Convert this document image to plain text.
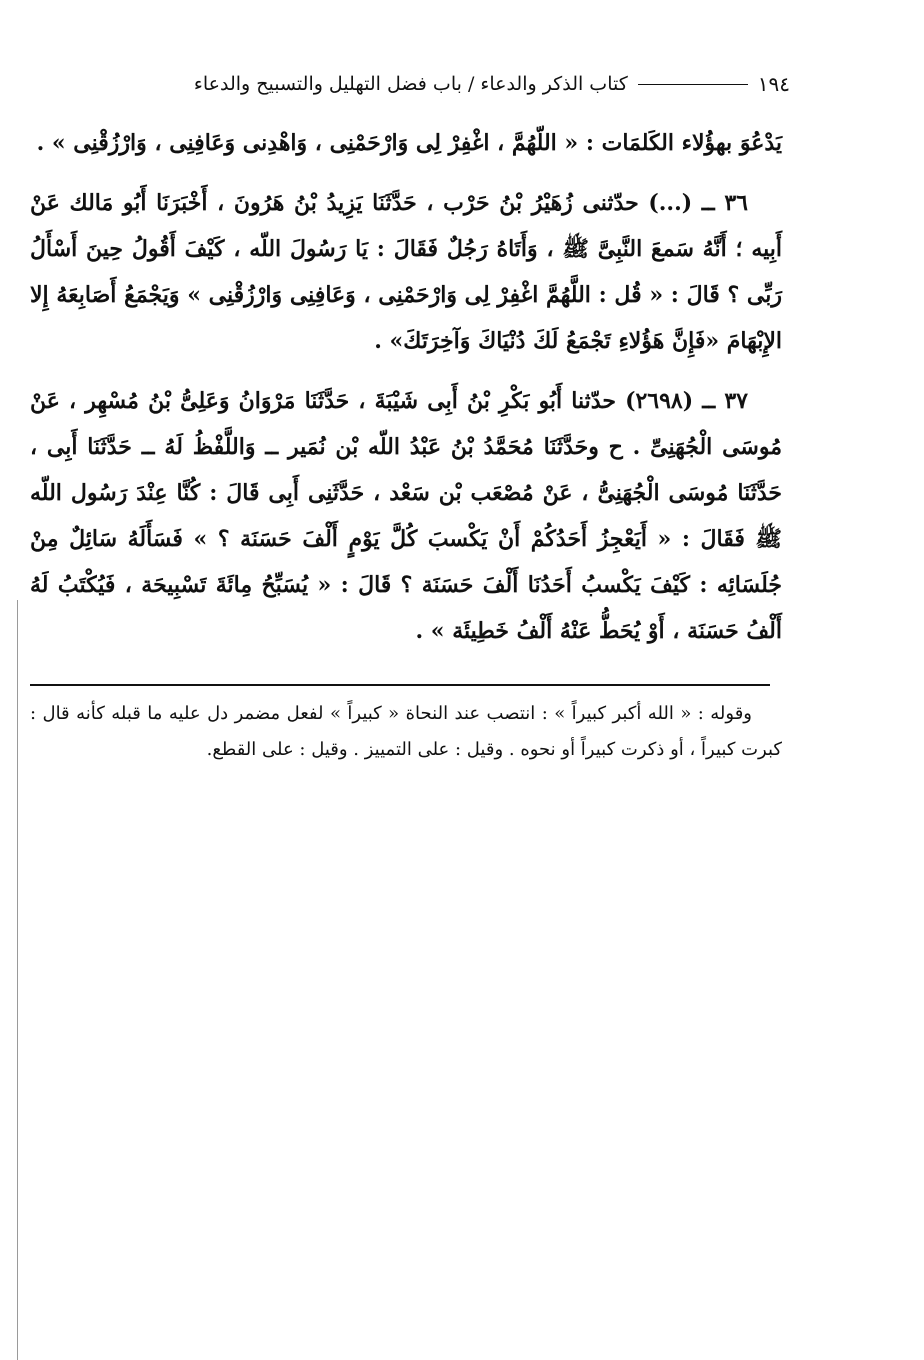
١٩٤
كتاب الذكر والدعاء / باب فضل التهليل والتسبيح والدعاء

يَدْعُوَ بهؤُلاء الكَلمَات : « اللّهُمَّ ، اغْفِرْ لِى وَارْحَمْنِى ، وَاهْدِنى وَعَافِنِى ، وَارْزُقْنِى » .

٣٦ ــ (...) حدّثنى زُهَيْرُ بْنُ حَرْب ، حَدَّثَنَا يَزِيدُ بْنُ هَرُونَ ، أَخْبَرَنَا أَبُو مَالك عَنْ أَبِيه ؛ أَنَّهُ سَمعَ النَّبِىَّ ﷺ ، وَأَتَاهُ رَجُلٌ فَقَالَ : يَا رَسُولَ اللّه ، كَيْفَ أَقُولُ حِينَ أَسْأَلُ رَبِّى ؟ قَالَ : « قُل : اللَّهُمَّ اغْفِرْ لِى وَارْحَمْنِى ، وَعَافِنِى وَارْزُقْنِى » وَيَجْمَعُ أَصَابِعَهُ إِلا الإِبْهَامَ «فَإِنَّ هَؤُلاءِ تَجْمَعُ لَكَ دُنْيَاكَ وَآخِرَتَكَ» .

٣٧ ــ (٢٦٩٨) حدّثنا أَبُو بَكْرِ بْنُ أَبِى شَيْبَةَ ، حَدَّثَنَا مَرْوَانُ وَعَلِىُّ بْنُ مُسْهِر ، عَنْ مُوسَى الْجُهَنِىِّ . ح وحَدَّثَنَا مُحَمَّدُ بْنُ عَبْدُ اللّه بْن نُمَير ــ وَاللَّفْظُ لَهُ ــ حَدَّثَنَا أَبِى ، حَدَّثَنَا مُوسَى الْجُهَنِىُّ ، عَنْ مُصْعَب بْن سَعْد ، حَدَّثَنِى أَبِى قَالَ : كُنَّا عِنْدَ رَسُول اللّه ﷺ فَقَالَ : « أَيَعْجِزُ أَحَدُكُمْ أَنْ يَكْسبَ كُلَّ يَوْمٍ أَلْفَ حَسَنَة ؟ » فَسَأَلَهُ سَائِلٌ مِنْ جُلَسَائِه : كَيْفَ يَكْسبُ أَحَدُنَا أَلْفَ حَسَنَة ؟ قَالَ : « يُسَبِّحُ مِائَةَ تَسْبِيحَة ، فَيُكْتَبُ لَهُ أَلْفُ حَسَنَة ، أَوْ يُحَطُّ عَنْهُ أَلْفُ خَطِيئَة » .

وقوله : « الله أكبر كبيراً » : انتصب عند النحاة « كبيراً » لفعل مضمر دل عليه ما قبله كأنه قال : كبرت كبيراً ، أو ذكرت كبيراً أو نحوه . وقيل : على التمييز . وقيل : على القطع.
